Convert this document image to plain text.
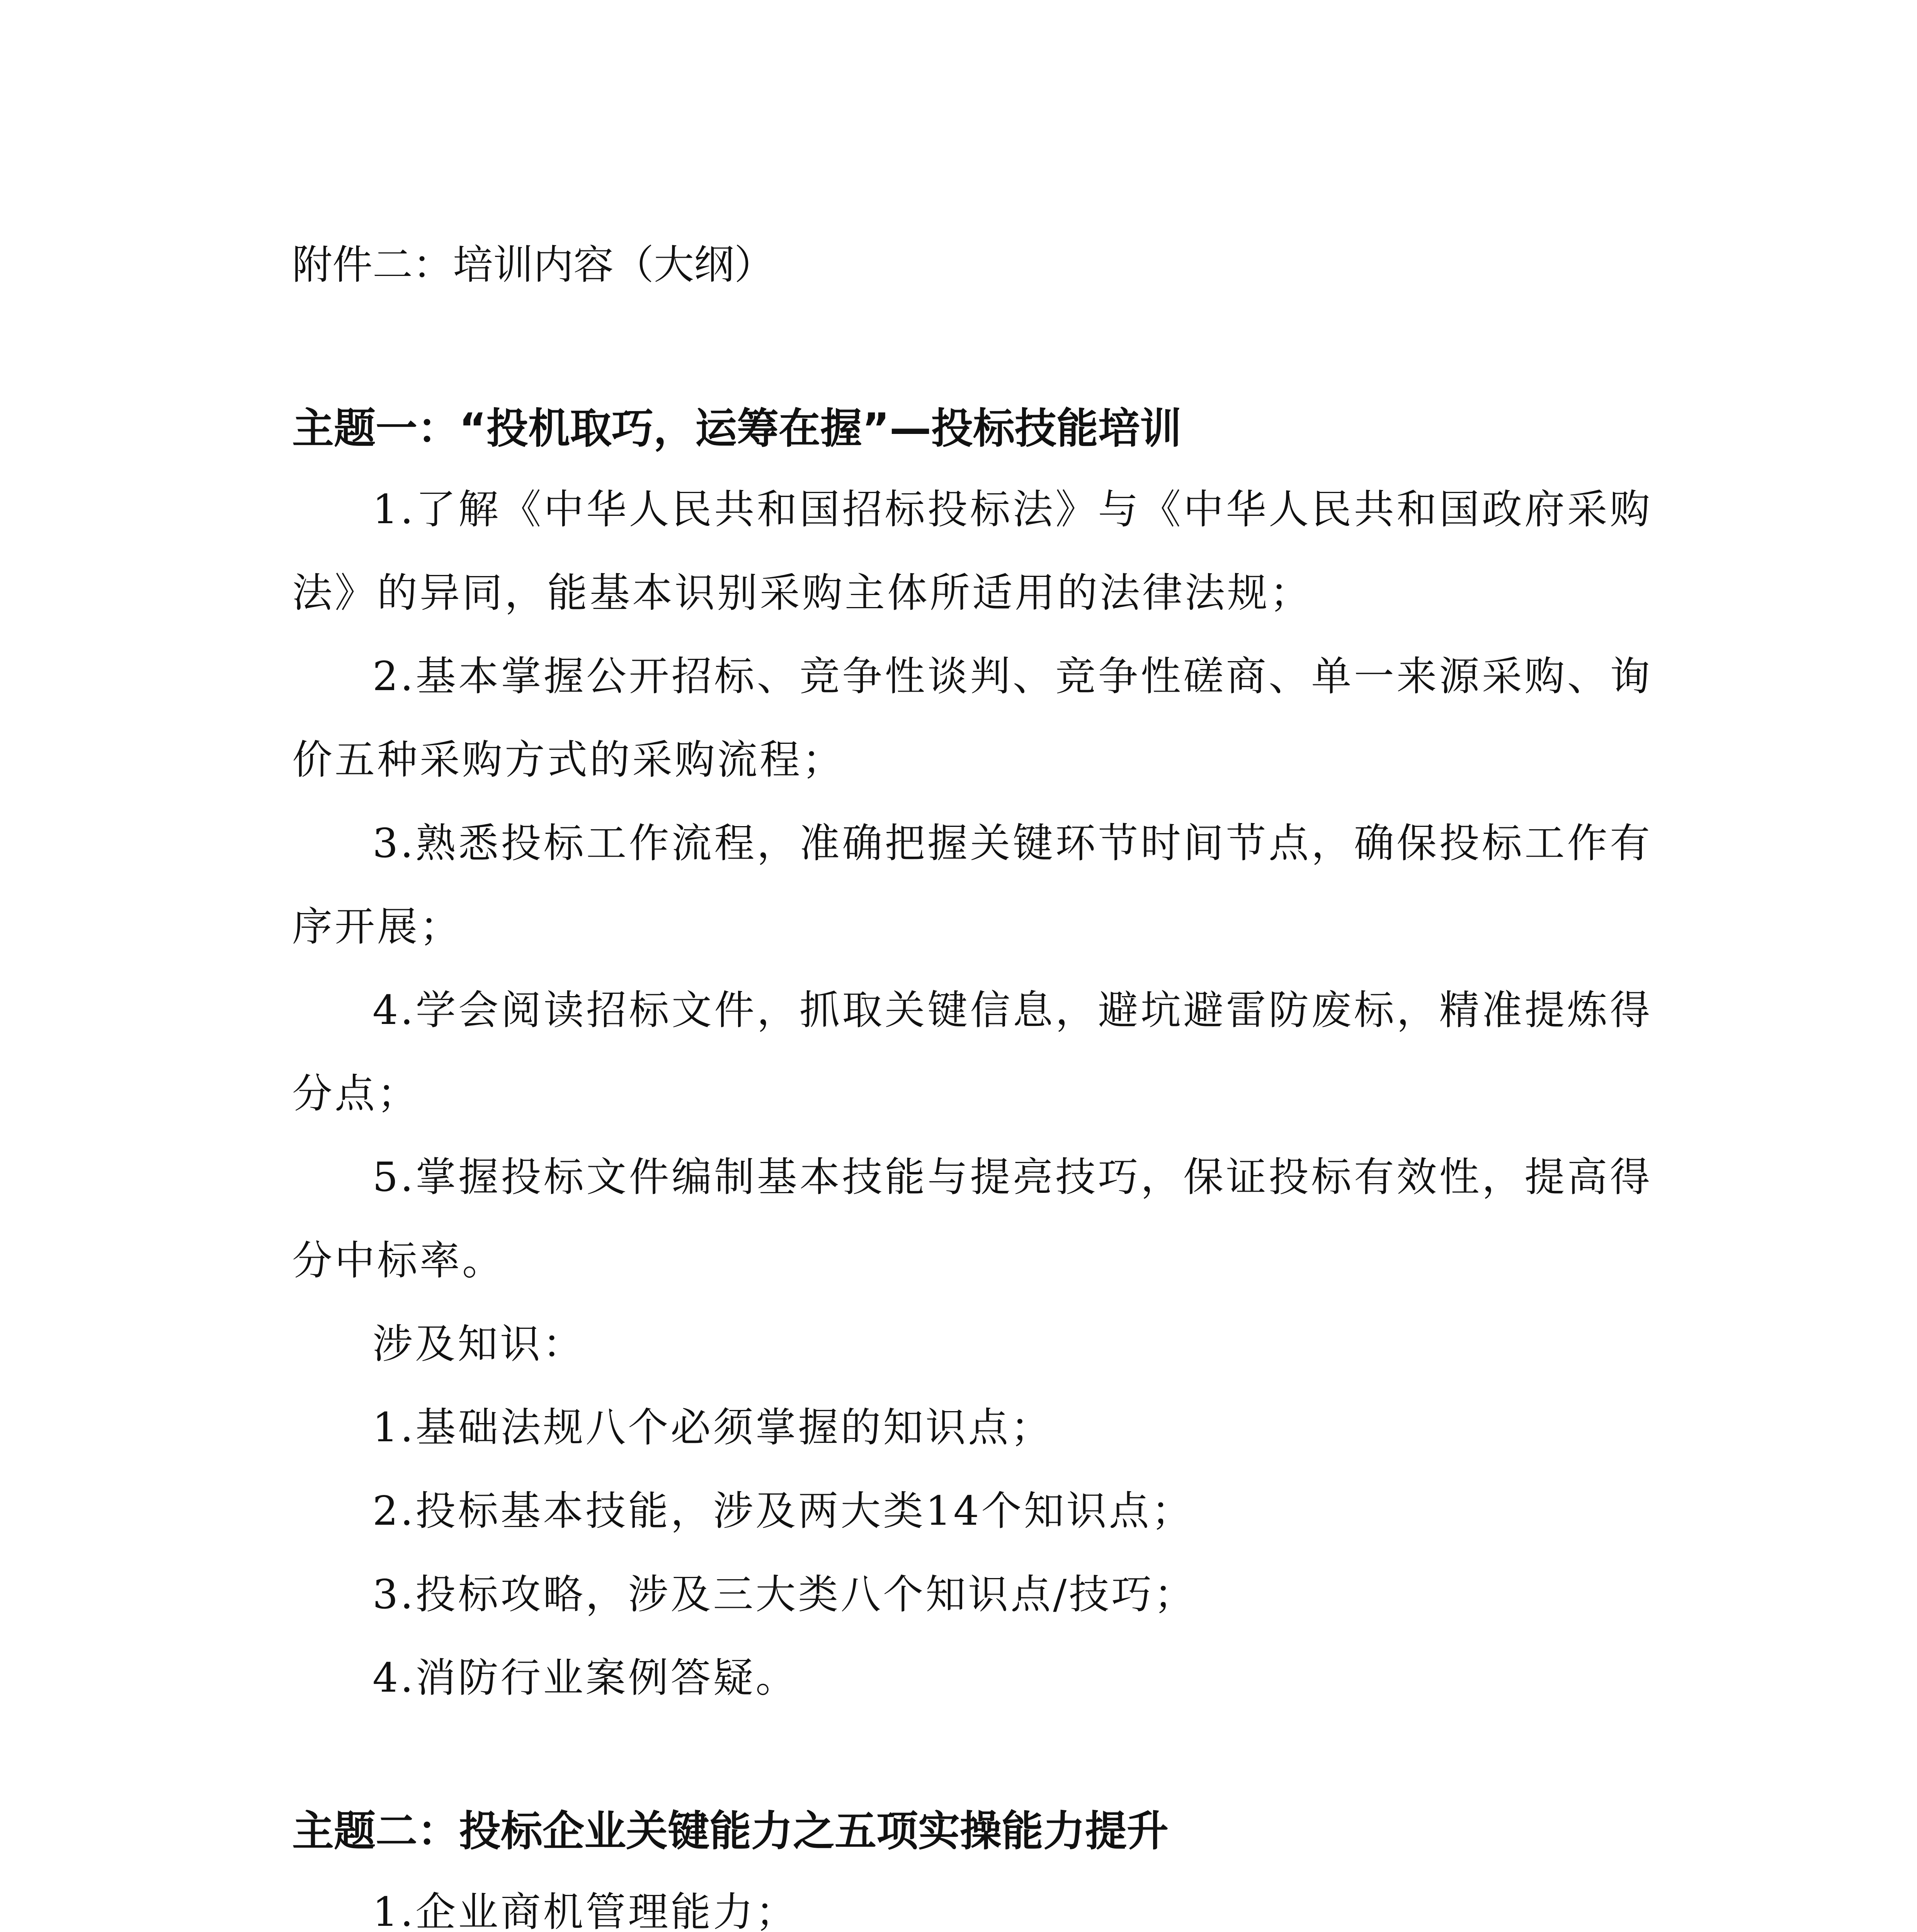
附件二：培训内容（大纲）

主题一：“投机取巧，运筹在握”—投标技能培训

1.了解《中华人民共和国招标投标法》与《中华人民共和国政府采购法》的异同，能基本识别采购主体所适用的法律法规；

2.基本掌握公开招标、竞争性谈判、竞争性磋商、单一来源采购、询价五种采购方式的采购流程；

3.熟悉投标工作流程，准确把握关键环节时间节点，确保投标工作有序开展；

4.学会阅读招标文件，抓取关键信息，避坑避雷防废标，精准提炼得分点；

5.掌握投标文件编制基本技能与提亮技巧，保证投标有效性，提高得分中标率。

涉及知识：

1.基础法规八个必须掌握的知识点；

2.投标基本技能，涉及两大类14个知识点；

3.投标攻略，涉及三大类八个知识点/技巧；

4.消防行业案例答疑。

主题二：投标企业关键能力之五项实操能力提升

1.企业商机管理能力；
